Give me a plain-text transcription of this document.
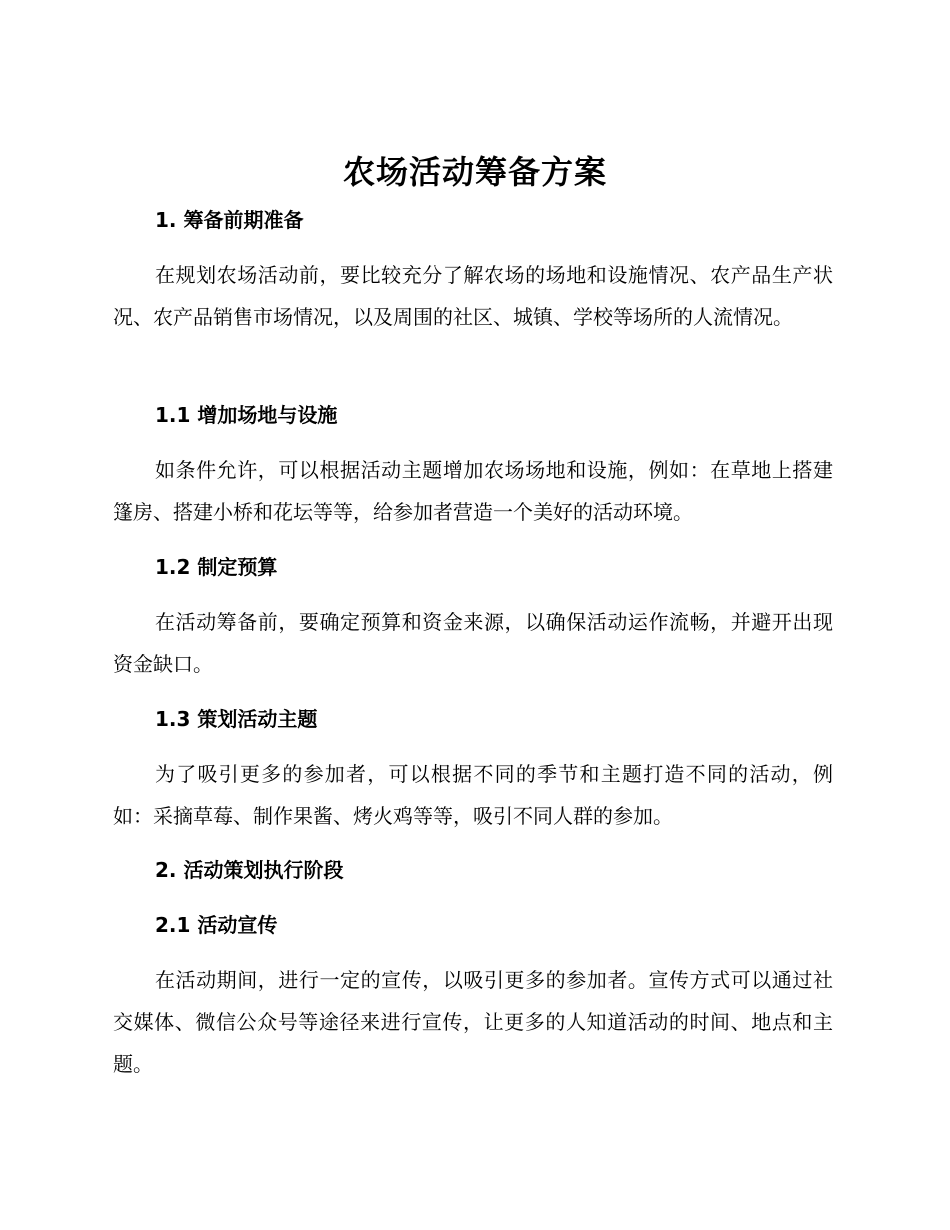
农场活动筹备方案
1. 筹备前期准备

在规划农场活动前，要比较充分了解农场的场地和设施情况、农产品生产状况、农产品销售市场情况，以及周围的社区、城镇、学校等场所的人流情况。

1.1 增加场地与设施

如条件允许，可以根据活动主题增加农场场地和设施，例如：在草地上搭建篷房、搭建小桥和花坛等等，给参加者营造一个美好的活动环境。

1.2 制定预算

在活动筹备前，要确定预算和资金来源，以确保活动运作流畅，并避开出现资金缺口。

1.3 策划活动主题

为了吸引更多的参加者，可以根据不同的季节和主题打造不同的活动，例如：采摘草莓、制作果酱、烤火鸡等等，吸引不同人群的参加。

2. 活动策划执行阶段
2.1 活动宣传

在活动期间，进行一定的宣传，以吸引更多的参加者。宣传方式可以通过社交媒体、微信公众号等途径来进行宣传，让更多的人知道活动的时间、地点和主题。
